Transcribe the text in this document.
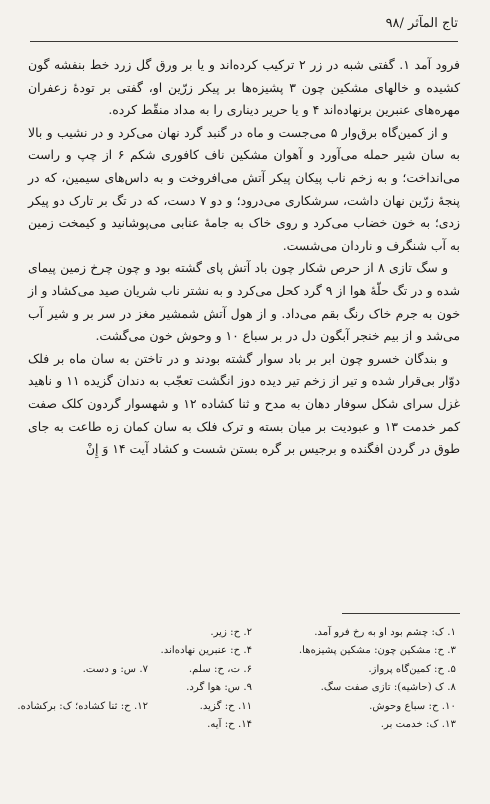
تاج المآثر /۹۸

فرود آمد ۱. گفتی شبه در زر ۲ ترکیب کرده‌اند و یا بر ورق گل زرد خط بنفشه گون کشیده و خالهای مشکین چون ۳ پشیزه‌ها بر پیکر زرّین او، گفتی بر تودهٔ زعفران مهره‌های عنبرین برنهاده‌اند ۴ و یا حریر دیناری را به مداد منقّط کرده.

و از کمین‌گاه برق‌وار ۵ می‌جست و ماه در گنبد گرد نهان می‌کرد و در نشیب و بالا به سان شیر حمله می‌آورد و آهوان مشکین ناف کافوری شکم ۶ از چپ و راست می‌انداخت؛ و به زخم ناب پیکان پیکر آتش می‌افروخت و به داس‌های سیمین، که در پنجهٔ زرّین نهان داشت، سرشکاری می‌درود؛ و دو ۷ دست، که در تگ بر تارک دو پیکر زدی؛ به خون خضاب می‌کرد و روی خاک به جامهٔ عنابی می‌پوشانید و کیمخت زمین به آب شنگرف و ناردان می‌شست.

و سگ تازی ۸ از حرص شکار چون باد آتش پای گشته بود و چون چرخ زمین پیمای شده و در تگ حلّهٔ هوا از ۹ گرد کحل می‌کرد و به نشتر ناب شریان صید می‌کشاد و از خون به جرم خاک رنگ بقم می‌داد. و از هول آتش شمشیر مغز در سر بر و شیر آب می‌شد و از بیم خنجر آبگون دل در بر سباع ۱۰ و وحوش خون می‌گشت.

و بندگان خسرو چون ابر بر باد سوار گشته بودند و در تاختن به سان ماه بر فلک دوّار بی‌قرار شده و تیر از زخم تیر دیده دوز انگشت تعجّب به دندان گزیده ۱۱ و ناهید غزل سرای شکل سوفار دهان به مدح و ثنا کشاده ۱۲ و شهسوار گردون کلک صفت کمر خدمت ۱۳ و عبودیت بر میان بسته و ترک فلک به سان کمان زه طاعت به جای طوق در گردن افگنده و برجیس بر گره بستن شست و کشاد آیت ۱۴ وَ إِنْ

۱. ک: چشم بود او به رخ فرو آمد.
۲. ح: زیر.
۳. ح: مشکین چون: مشکین پشیزه‌ها.
۴. ح: عنبرین نهاده‌اند.
۵. ح: کمین‌گاه پرواز.
۶. ت، ح: سلم.
۷. س: و دست.
۸. ک (حاشیه): تازی صفت سگ.
۹. س: هوا گرد.
۱۰. ح: سباع وحوش.
۱۱. ح: گزید.
۱۲. ح: ثنا کشاده؛ ک: برکشاده.
۱۳. ک: خدمت بر.
۱۴. ح: آیه.
